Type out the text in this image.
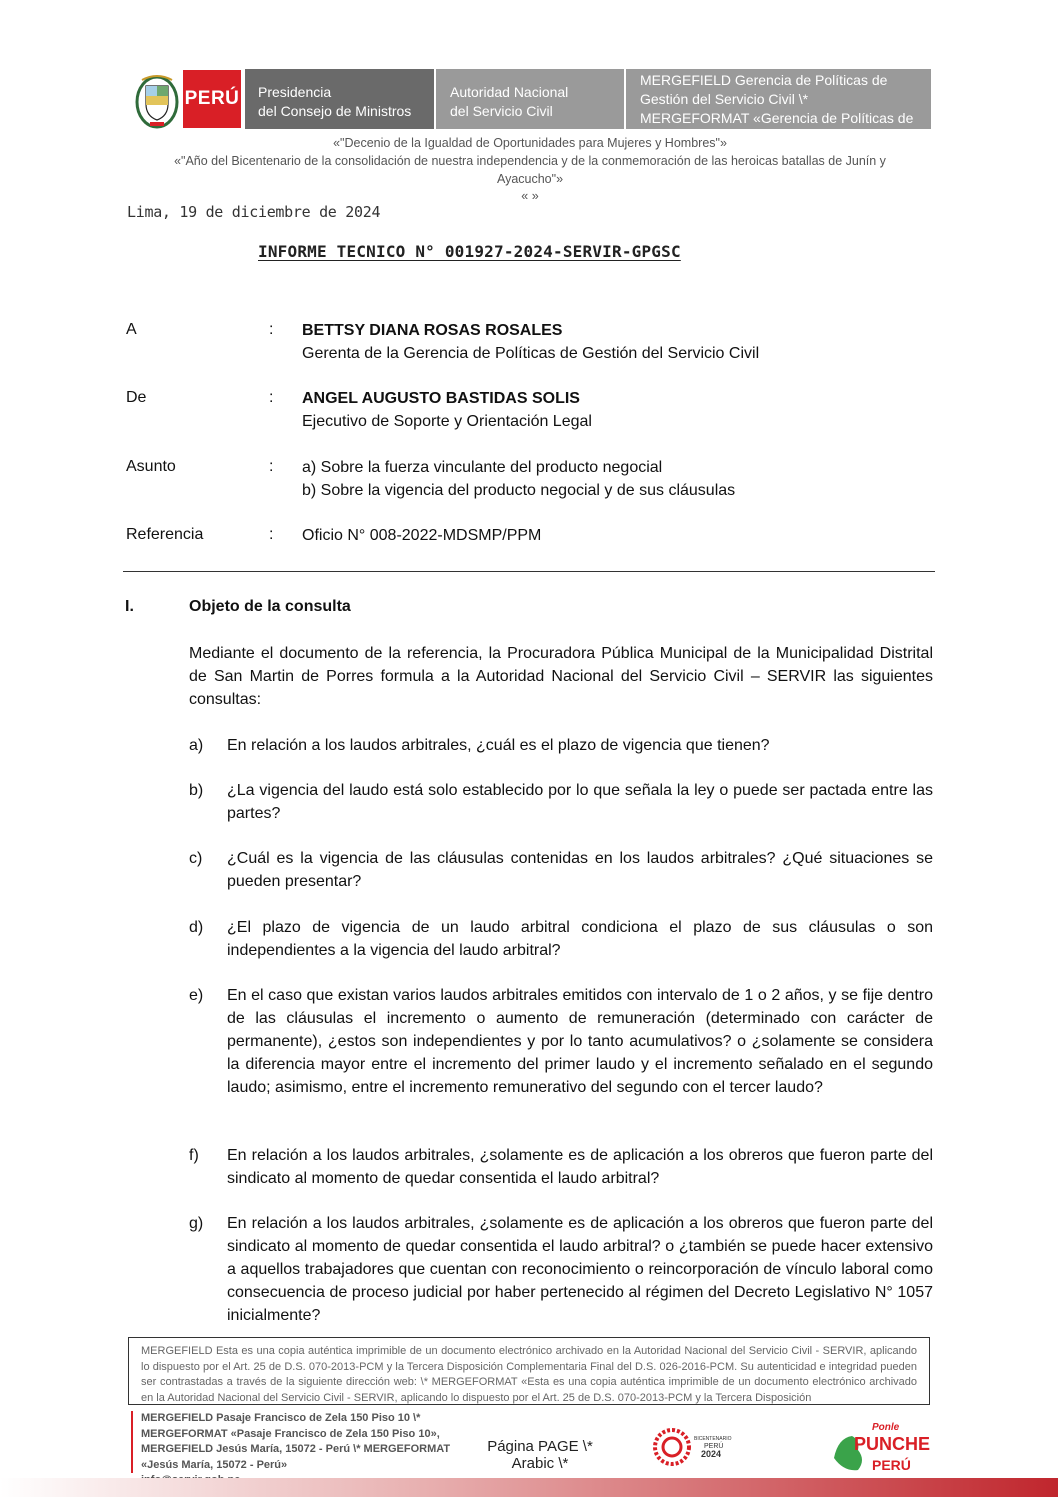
PERÚ Presidencia
del Consejo de Ministros
Autoridad Nacional
del Servicio Civil
MERGEFIELD Gerencia de Políticas de
Gestión del Servicio Civil \*
MERGEFORMAT «Gerencia de Políticas de
«"Decenio de la Igualdad de Oportunidades para Mujeres y Hombres"»
«"Año del Bicentenario de la consolidación de nuestra independencia y de la conmemoración de las heroicas batallas de Junín y
Ayacucho"»
« »
Lima, 19 de diciembre de 2024
INFORME TECNICO N° 001927-2024-SERVIR-GPGSC
A	: BETTSY DIANA ROSAS ROSALES
Gerenta de la Gerencia de Políticas de Gestión del Servicio Civil
De	: ANGEL AUGUSTO BASTIDAS SOLIS
Ejecutivo de Soporte y Orientación Legal
Asunto	: a) Sobre la fuerza vinculante del producto negocial
b) Sobre la vigencia del producto negocial y de sus cláusulas
Referencia	: Oficio N° 008-2022-MDSMP/PPM
I.	Objeto de la consulta
Mediante el documento de la referencia, la Procuradora Pública Municipal de la Municipalidad Distrital de San Martin de Porres formula a la Autoridad Nacional del Servicio Civil – SERVIR las siguientes consultas:
a) En relación a los laudos arbitrales, ¿cuál es el plazo de vigencia que tienen?
b) ¿La vigencia del laudo está solo establecido por lo que señala la ley o puede ser pactada entre las partes?
c) ¿Cuál es la vigencia de las cláusulas contenidas en los laudos arbitrales? ¿Qué situaciones se pueden presentar?
d) ¿El plazo de vigencia de un laudo arbitral condiciona el plazo de sus cláusulas o son independientes a la vigencia del laudo arbitral?
e) En el caso que existan varios laudos arbitrales emitidos con intervalo de 1 o 2 años, y se fije dentro de las cláusulas el incremento o aumento de remuneración (determinado con carácter de permanente), ¿estos son independientes y por lo tanto acumulativos? o ¿solamente se considera la diferencia mayor entre el incremento del primer laudo y el incremento señalado en el segundo laudo; asimismo, entre el incremento remunerativo del segundo con el tercer laudo?
f) En relación a los laudos arbitrales, ¿solamente es de aplicación a los obreros que fueron parte del sindicato al momento de quedar consentida el laudo arbitral?
g) En relación a los laudos arbitrales, ¿solamente es de aplicación a los obreros que fueron parte del sindicato al momento de quedar consentida el laudo arbitral? o ¿también se puede hacer extensivo a aquellos trabajadores que cuentan con reconocimiento o reincorporación de vínculo laboral como consecuencia de proceso judicial por haber pertenecido al régimen del Decreto Legislativo N° 1057 inicialmente?
MERGEFIELD Esta es una copia auténtica imprimible de un documento electrónico archivado en la Autoridad Nacional del Servicio Civil - SERVIR, aplicando lo dispuesto por el Art. 25 de D.S. 070-2013-PCM y la Tercera Disposición Complementaria Final del D.S. 026-2016-PCM. Su autenticidad e integridad pueden ser contrastadas a través de la siguiente dirección web: \* MERGEFORMAT «Esta es una copia auténtica imprimible de un documento electrónico archivado en la Autoridad Nacional del Servicio Civil - SERVIR, aplicando lo dispuesto por el Art. 25 de D.S. 070-2013-PCM y la Tercera Disposición
MERGEFIELD Pasaje Francisco de Zela 150 Piso 10 \* MERGEFORMAT «Pasaje Francisco de Zela 150 Piso 10», MERGEFIELD Jesús María, 15072 - Perú \* MERGEFORMAT «Jesús María, 15072 - Perú»

Página PAGE \*
Arabic \*
BICENTENARIO
PERÚ
2024
Ponle
PUNCHE
PERÚ
